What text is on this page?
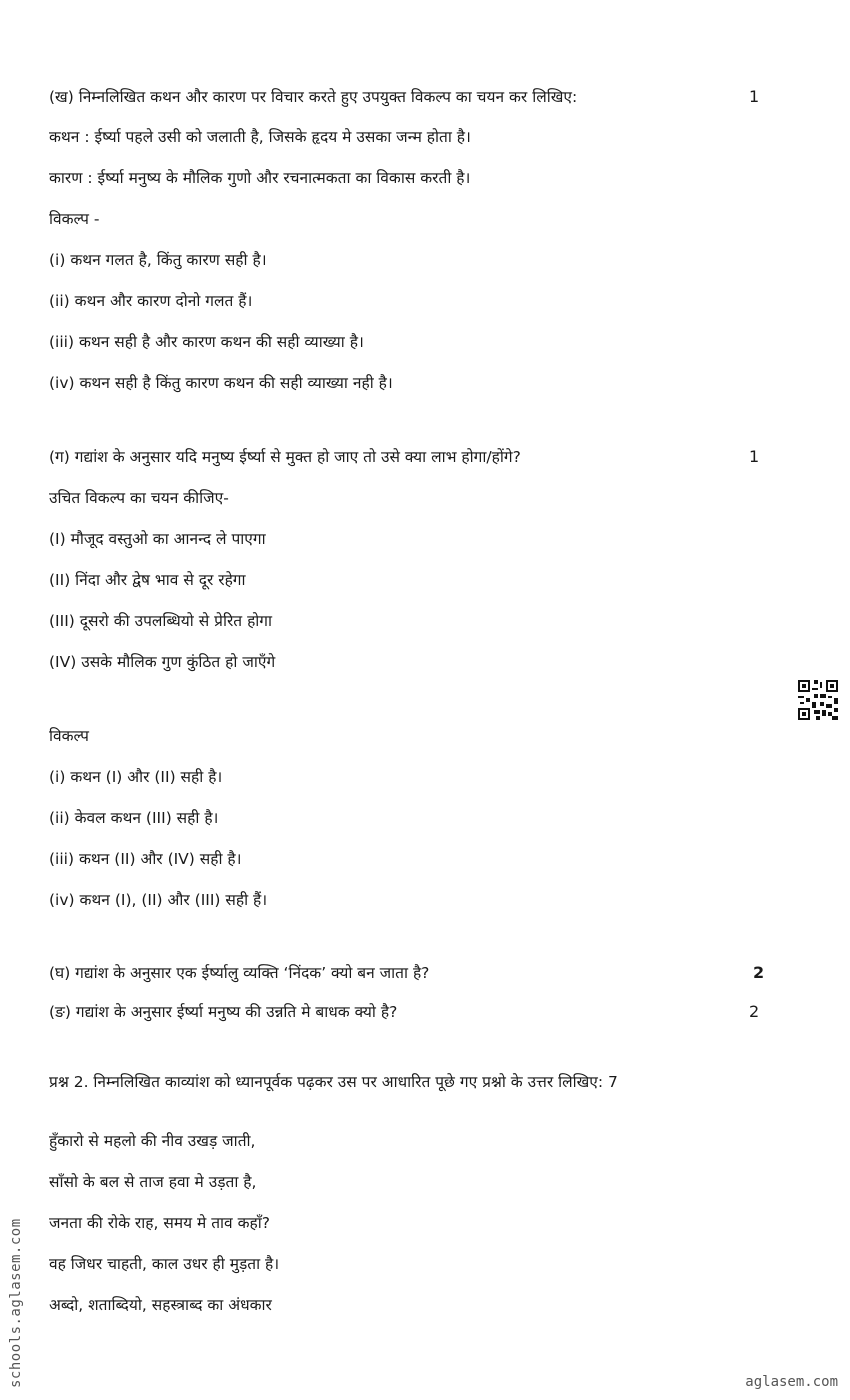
(ख) निम्नलिखित कथन और कारण पर विचार करते हुए उपयुक्त विकल्प का चयन कर लिखिए:	1
कथन : ईर्ष्या पहले उसी को जलाती है, जिसके हृदय मे उसका जन्म होता है।
कारण : ईर्ष्या मनुष्य के मौलिक गुणो और रचनात्मकता का विकास करती है।
विकल्प -
(i) कथन गलत है, किंतु कारण सही है।
(ii) कथन और कारण दोनो गलत हैं।
(iii) कथन सही है और कारण कथन की सही व्याख्या है।
(iv) कथन सही है किंतु कारण कथन की सही व्याख्या नही है।
(ग) गद्यांश के अनुसार यदि मनुष्य ईर्ष्या से मुक्त हो जाए तो उसे क्या लाभ होगा/होंगे?	1
उचित विकल्प का चयन कीजिए-
(I) मौजूद वस्तुओ का आनन्द ले पाएगा
(II) निंदा और द्वेष भाव से दूर रहेगा
(III) दूसरो की उपलब्धियो से प्रेरित होगा
(IV) उसके मौलिक गुण कुंठित हो जाएँगे
विकल्प
(i) कथन (I) और (II) सही है।
(ii) केवल कथन (III) सही है।
(iii) कथन (II) और (IV) सही है।
(iv) कथन (I), (II) और (III) सही हैं।
(घ) गद्यांश के अनुसार एक ईर्ष्यालु व्यक्ति ‘निंदक’ क्यो बन जाता है?	2
(ङ) गद्यांश के अनुसार ईर्ष्या मनुष्य की उन्नति मे बाधक क्यो है?	2
प्रश्न 2. निम्नलिखित काव्यांश को ध्यानपूर्वक पढ़कर उस पर आधारित पूछे गए प्रश्नो के उत्तर लिखिए: 7
हुँकारो से महलो की नीव उखड़ जाती,
साँसो के बल से ताज हवा मे उड़ता है,
जनता की रोके राह, समय मे ताव कहाँ?
वह जिधर चाहती, काल उधर ही मुड़ता है।
अब्दो, शताब्दियो, सहस्त्राब्द का अंधकार
schools.aglasem.com	aglasem.com
